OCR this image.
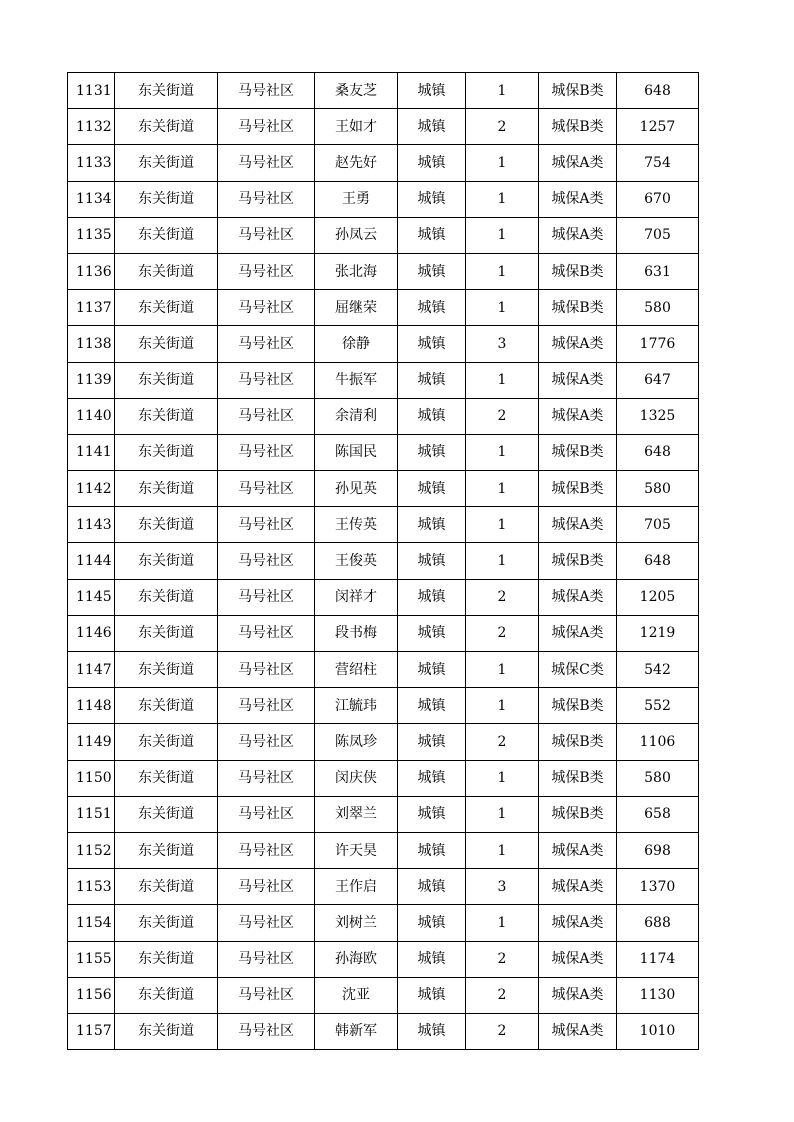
1131	东关街道	马号社区	桑友芝	城镇	1	城保B类	648
1132	东关街道	马号社区	王如才	城镇	2	城保B类	1257
1133	东关街道	马号社区	赵先好	城镇	1	城保A类	754
1134	东关街道	马号社区	王勇	城镇	1	城保A类	670
1135	东关街道	马号社区	孙凤云	城镇	1	城保A类	705
1136	东关街道	马号社区	张北海	城镇	1	城保B类	631
1137	东关街道	马号社区	屈继荣	城镇	1	城保B类	580
1138	东关街道	马号社区	徐静	城镇	3	城保A类	1776
1139	东关街道	马号社区	牛振军	城镇	1	城保A类	647
1140	东关街道	马号社区	余清利	城镇	2	城保A类	1325
1141	东关街道	马号社区	陈国民	城镇	1	城保B类	648
1142	东关街道	马号社区	孙见英	城镇	1	城保B类	580
1143	东关街道	马号社区	王传英	城镇	1	城保A类	705
1144	东关街道	马号社区	王俊英	城镇	1	城保B类	648
1145	东关街道	马号社区	闵祥才	城镇	2	城保A类	1205
1146	东关街道	马号社区	段书梅	城镇	2	城保A类	1219
1147	东关街道	马号社区	营绍柱	城镇	1	城保C类	542
1148	东关街道	马号社区	江毓玮	城镇	1	城保B类	552
1149	东关街道	马号社区	陈凤珍	城镇	2	城保B类	1106
1150	东关街道	马号社区	闵庆侠	城镇	1	城保B类	580
1151	东关街道	马号社区	刘翠兰	城镇	1	城保B类	658
1152	东关街道	马号社区	许天昊	城镇	1	城保A类	698
1153	东关街道	马号社区	王作启	城镇	3	城保A类	1370
1154	东关街道	马号社区	刘树兰	城镇	1	城保A类	688
1155	东关街道	马号社区	孙海欧	城镇	2	城保A类	1174
1156	东关街道	马号社区	沈亚	城镇	2	城保A类	1130
1157	东关街道	马号社区	韩新军	城镇	2	城保A类	1010
